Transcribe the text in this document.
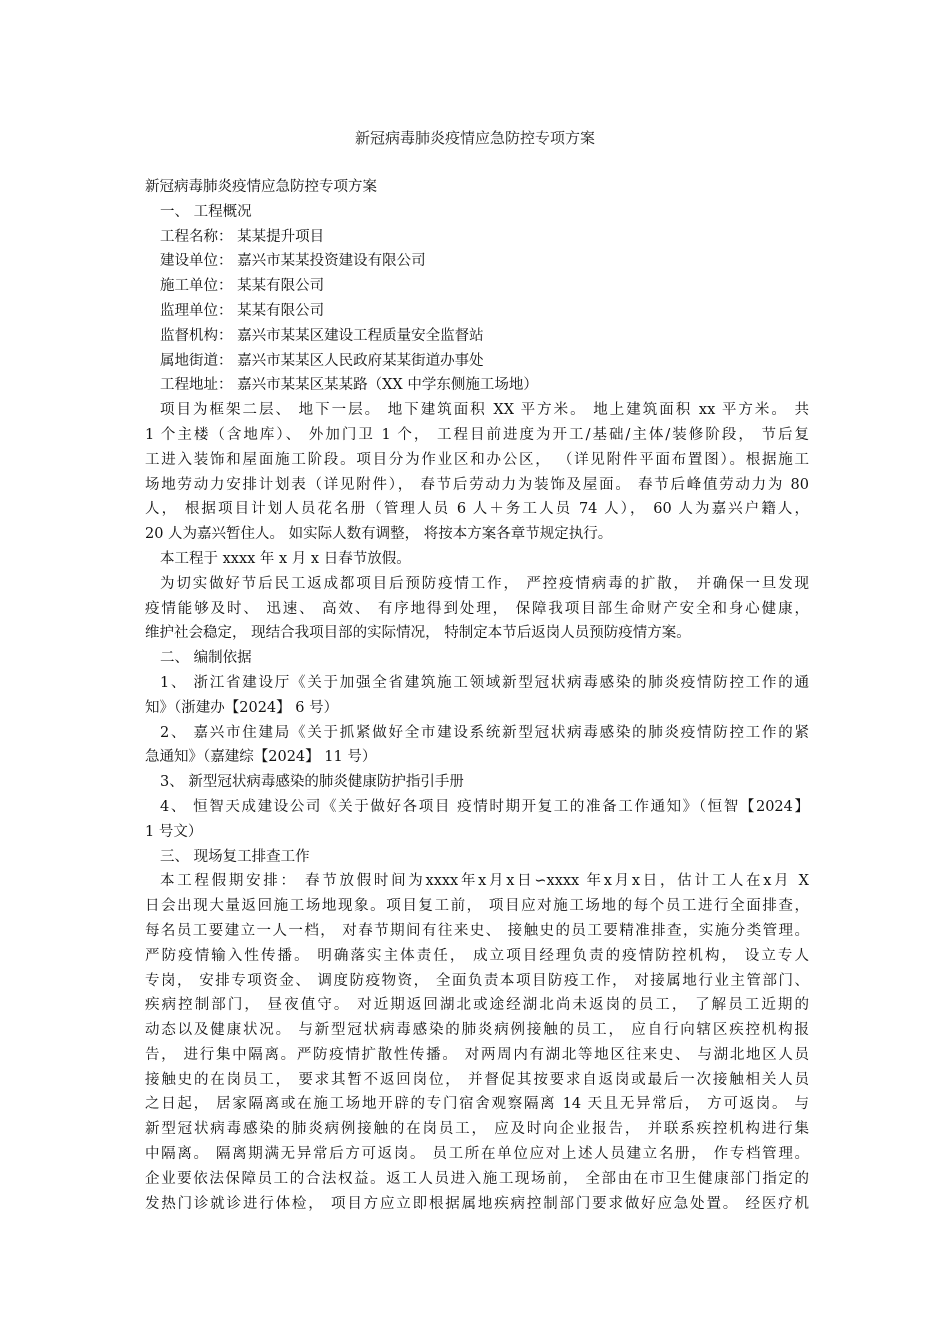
新冠病毒肺炎疫情应急防控专项方案
新冠病毒肺炎疫情应急防控专项方案
一、 工程概况
工程名称： 某某提升项目
建设单位： 嘉兴市某某投资建设有限公司
施工单位： 某某有限公司
监理单位： 某某有限公司
监督机构： 嘉兴市某某区建设工程质量安全监督站
属地街道： 嘉兴市某某区人民政府某某街道办事处
工程地址： 嘉兴市某某区某某路（XX 中学东侧施工场地）
项目为框架二层、 地下一层。 地下建筑面积 XX 平方米。 地上建筑面积 xx 平方米。 共
1 个主楼（含地库）、 外加门卫 1 个， 工程目前进度为开工/基础/主体/装修阶段， 节后复
工进入装饰和屋面施工阶段。项目分为作业区和办公区， （详见附件平面布置图）。根据施工
场地劳动力安排计划表（详见附件）， 春节后劳动力为装饰及屋面。 春节后峰值劳动力为 80
人， 根据项目计划人员花名册（管理人员 6 人＋务工人员 74 人）， 60 人为嘉兴户籍人，
20 人为嘉兴暂住人。 如实际人数有调整， 将按本方案各章节规定执行。
本工程于 xxxx 年 x 月 x 日春节放假。
为切实做好节后民工返成都项目后预防疫情工作， 严控疫情病毒的扩散， 并确保一旦发现
疫情能够及时、 迅速、 高效、 有序地得到处理， 保障我项目部生命财产安全和身心健康，
维护社会稳定， 现结合我项目部的实际情况， 特制定本节后返岗人员预防疫情方案。
二、 编制依据
1、 浙江省建设厅《关于加强全省建筑施工领域新型冠状病毒感染的肺炎疫情防控工作的通
知》（浙建办【2024】 6 号）
2、 嘉兴市住建局《关于抓紧做好全市建设系统新型冠状病毒感染的肺炎疫情防控工作的紧
急通知》（嘉建综【2024】 11 号）
3、 新型冠状病毒感染的肺炎健康防护指引手册
4、 恒智天成建设公司《关于做好各项目 疫情时期开复工的准备工作通知》（恒智【2024】
1 号文）
三、 现场复工排查工作
本工程假期安排： 春节放假时间为xxxx年x月x日∽xxxx 年x月x日，估计工人在x月 X
日会出现大量返回施工场地现象。项目复工前， 项目应对施工场地的每个员工进行全面排查，
每名员工要建立一人一档， 对春节期间有往来史、 接触史的员工要精准排查，实施分类管理。
严防疫情输入性传播。 明确落实主体责任， 成立项目经理负责的疫情防控机构， 设立专人
专岗， 安排专项资金、 调度防疫物资， 全面负责本项目防疫工作， 对接属地行业主管部门、
疾病控制部门， 昼夜值守。 对近期返回湖北或途经湖北尚未返岗的员工， 了解员工近期的
动态以及健康状况。 与新型冠状病毒感染的肺炎病例接触的员工， 应自行向辖区疾控机构报
告， 进行集中隔离。严防疫情扩散性传播。 对两周内有湖北等地区往来史、 与湖北地区人员
接触史的在岗员工， 要求其暂不返回岗位， 并督促其按要求自返岗或最后一次接触相关人员
之日起， 居家隔离或在施工场地开辟的专门宿舍观察隔离 14 天且无异常后， 方可返岗。 与
新型冠状病毒感染的肺炎病例接触的在岗员工， 应及时向企业报告， 并联系疾控机构进行集
中隔离。 隔离期满无异常后方可返岗。 员工所在单位应对上述人员建立名册， 作专档管理。
企业要依法保障员工的合法权益。返工人员进入施工现场前， 全部由在市卫生健康部门指定的
发热门诊就诊进行体检， 项目方应立即根据属地疾病控制部门要求做好应急处置。 经医疗机
